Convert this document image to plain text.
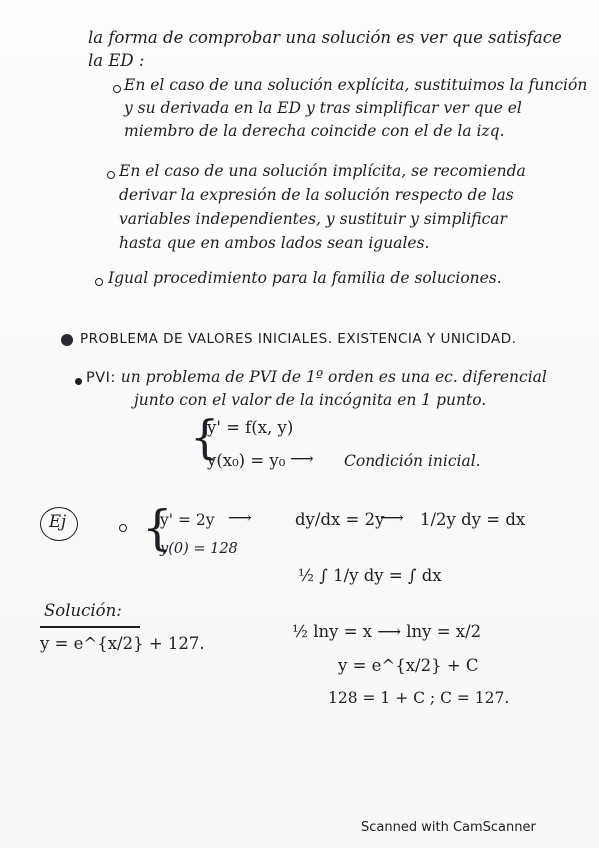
la forma de comprobar una solución es ver que satisface
la ED :
En el caso de una solución explícita, sustituimos la función
y su derivada en la ED y tras simplificar ver que el
miembro de la derecha coincide con el de la izq.
En el caso de una solución implícita, se recomienda
derivar la expresión de la solución respecto de las
variables independientes, y sustituir y simplificar
hasta que en ambos lados sean iguales.
Igual procedimiento para la familia de soluciones.
PROBLEMA DE VALORES INICIALES. EXISTENCIA Y UNICIDAD.
PVI: un problema de PVI de 1º orden es una ec. diferencial
junto con el valor de la incógnita en 1 punto.
{
y' = f(x, y)
y(x₀) = y₀ ⟶ Condición inicial.
Ej {
y' = 2y
y(0) = 128
⟶	dy/dx = 2y
⟶ 1/2y dy = dx
½ ∫ 1/y dy = ∫ dx
½ lny = x ⟶ lny = x/2
y = e^{x/2} + C
128 = 1 + C ; C = 127.
Solución:
y = e^{x/2} + 127.
Scanned with CamScanner
